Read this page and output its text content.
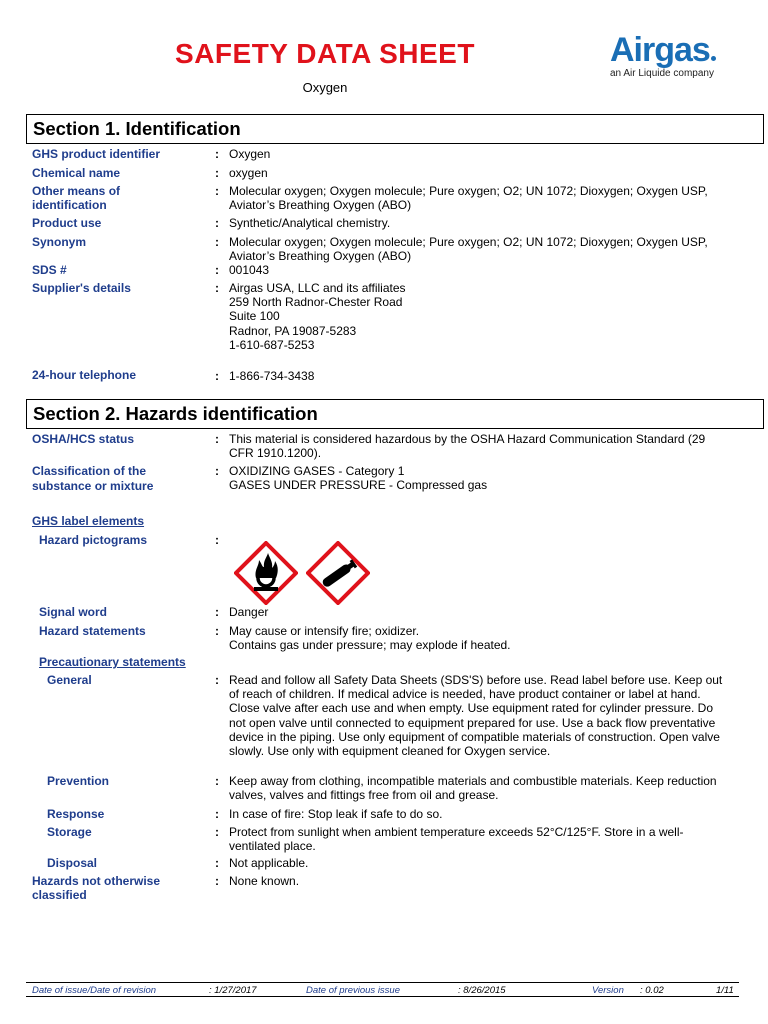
SAFETY DATA SHEET
Oxygen
Airgas
an Air Liquide company
Section 1. Identification
GHS product identifier	: Oxygen
Chemical name	: oxygen
Other means of identification
: Molecular oxygen; Oxygen molecule; Pure oxygen; O2; UN 1072; Dioxygen; Oxygen USP, Aviator’s Breathing Oxygen (ABO)
Product use	: Synthetic/Analytical chemistry.
Synonym	: Molecular oxygen; Oxygen molecule; Pure oxygen; O2; UN 1072; Dioxygen; Oxygen USP, Aviator’s Breathing Oxygen (ABO)
SDS #	: 001043
Supplier's details	: Airgas USA, LLC and its affiliates
259 North Radnor-Chester Road
Suite 100
Radnor, PA 19087-5283
1-610-687-5253
24-hour telephone	: 1-866-734-3438
Section 2. Hazards identification
OSHA/HCS status	: This material is considered hazardous by the OSHA Hazard Communication Standard (29 CFR 1910.1200).
Classification of the substance or mixture
: OXIDIZING GASES - Category 1
GASES UNDER PRESSURE - Compressed gas
GHS label elements
Hazard pictograms	:
Signal word	: Danger
Hazard statements	: May cause or intensify fire; oxidizer.
Contains gas under pressure; may explode if heated.
Precautionary statements
General	: Read and follow all Safety Data Sheets (SDS'S) before use. Read label before use. Keep out of reach of children. If medical advice is needed, have product container or label at hand. Close valve after each use and when empty. Use equipment rated for cylinder pressure. Do not open valve until connected to equipment prepared for use. Use a back flow preventative device in the piping. Use only equipment of compatible materials of construction. Open valve slowly. Use only with equipment cleaned for Oxygen service.
Prevention	: Keep away from clothing, incompatible materials and combustible materials. Keep reduction valves, valves and fittings free from oil and grease.
Response	: In case of fire: Stop leak if safe to do so.
Storage	: Protect from sunlight when ambient temperature exceeds 52°C/125°F. Store in a well-ventilated place.
Disposal	: Not applicable.
Hazards not otherwise classified
: None known.
Date of issue/Date of revision	: 1/27/2017	Date of previous issue	: 8/26/2015	Version : 0.02	1/11
